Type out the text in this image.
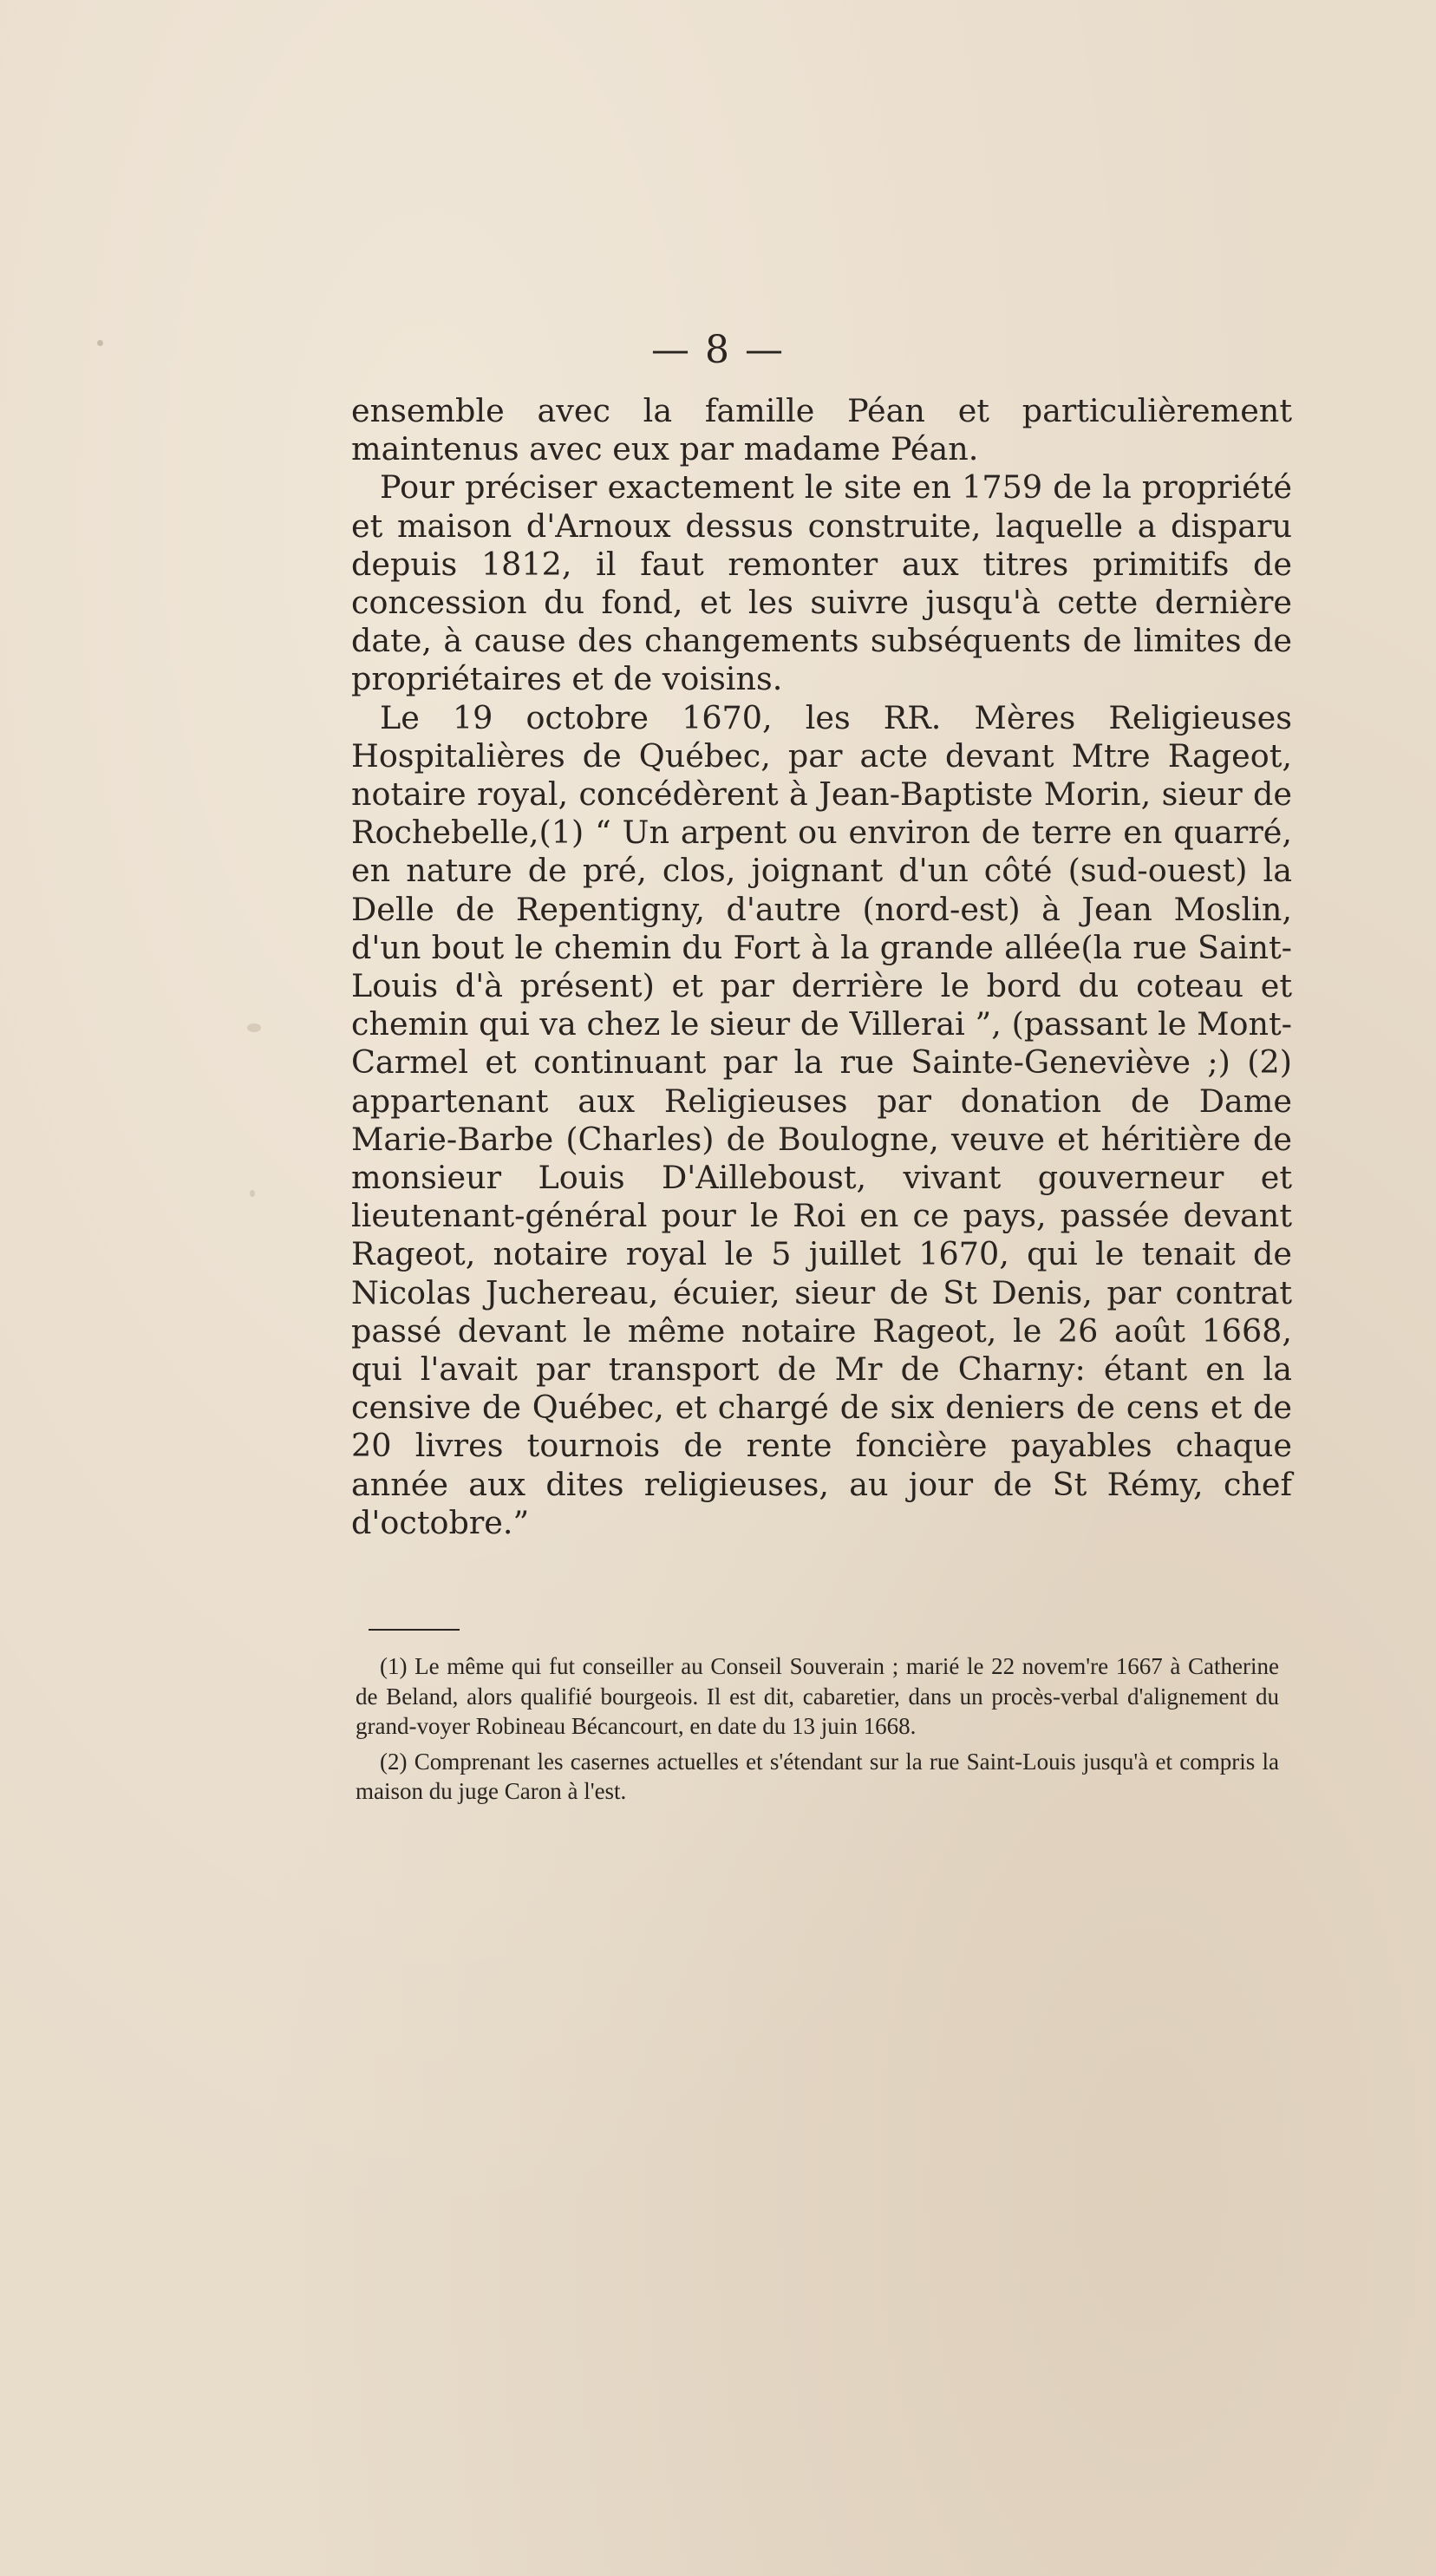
— 8 —

ensemble avec la famille Péan et particulièrement maintenus avec eux par madame Péan.

Pour préciser exactement le site en 1759 de la propriété et maison d'Arnoux dessus construite, laquelle a disparu depuis 1812, il faut remonter aux titres primitifs de concession du fond, et les suivre jusqu'à cette dernière date, à cause des changements subséquents de limites de propriétaires et de voisins.

Le 19 octobre 1670, les RR. Mères Religieuses Hospitalières de Québec, par acte devant Mtre Rageot, notaire royal, concédèrent à Jean-Baptiste Morin, sieur de Rochebelle,(1) “ Un arpent ou environ de terre en quarré, en nature de pré, clos, joignant d'un côté (sud-ouest) la Delle de Repentigny, d'autre (nord-est) à Jean Moslin, d'un bout le chemin du Fort à la grande allée(la rue Saint-Louis d'à présent) et par derrière le bord du coteau et chemin qui va chez le sieur de Villerai ”, (passant le Mont-Carmel et continuant par la rue Sainte-Geneviève ;) (2) appartenant aux Religieuses par donation de Dame Marie-Barbe (Charles) de Boulogne, veuve et héritière de monsieur Louis D'Ailleboust, vivant gouverneur et lieutenant-général pour le Roi en ce pays, passée devant Rageot, notaire royal le 5 juillet 1670, qui le tenait de Nicolas Juchereau, écuier, sieur de St Denis, par contrat passé devant le même notaire Rageot, le 26 août 1668, qui l'avait par transport de Mr de Charny: étant en la censive de Québec, et chargé de six deniers de cens et de 20 livres tournois de rente foncière payables chaque année aux dites religieuses, au jour de St Rémy, chef d'octobre.”

(1) Le même qui fut conseiller au Conseil Souverain ; marié le 22 novem're 1667 à Catherine de Beland, alors qualifié bourgeois. Il est dit, cabaretier, dans un procès-verbal d'alignement du grand-voyer Robineau Bécancourt, en date du 13 juin 1668.

(2) Comprenant les casernes actuelles et s'étendant sur la rue Saint-Louis jusqu'à et compris la maison du juge Caron à l'est.
